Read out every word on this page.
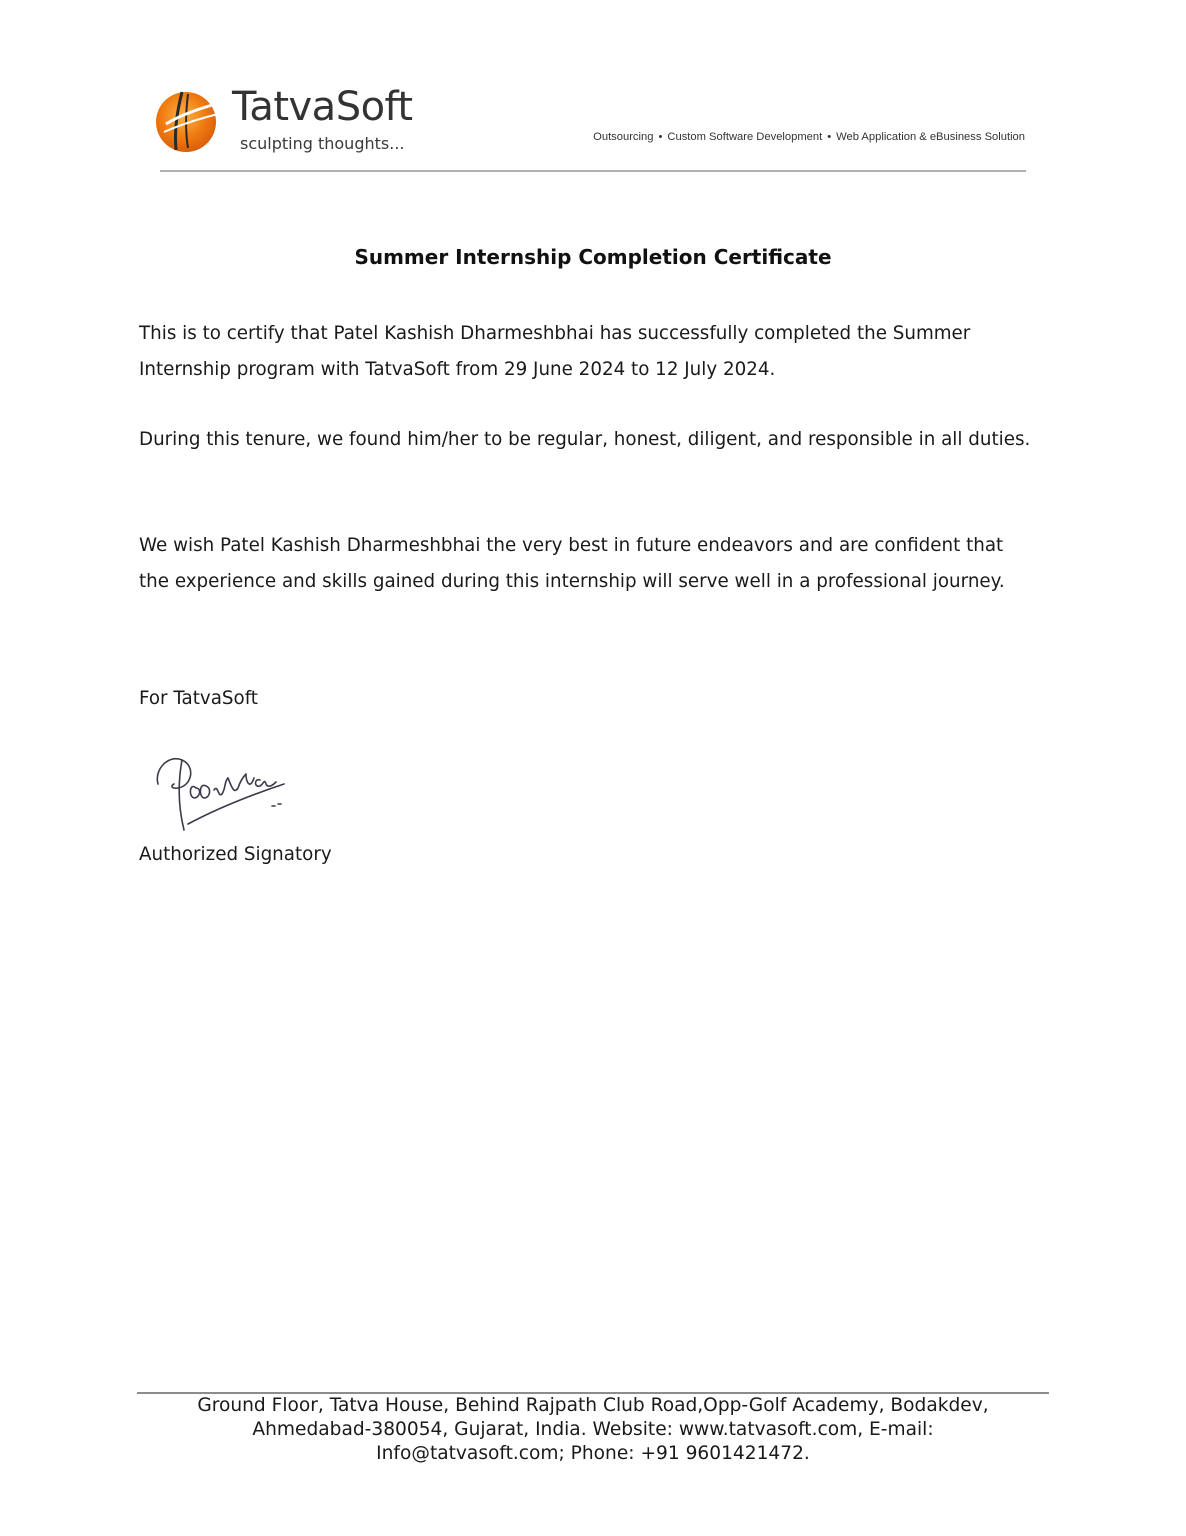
TatvaSoft
sculpting thoughts...	Outsourcing • Custom Software Development • Web Application & eBusiness Solution
Summer Internship Completion Certificate

This is to certify that Patel Kashish Dharmeshbhai has successfully completed the Summer Internship program with TatvaSoft from 29 June 2024 to 12 July 2024.

During this tenure, we found him/her to be regular, honest, diligent, and responsible in all duties.

We wish Patel Kashish Dharmeshbhai the very best in future endeavors and are confident that the experience and skills gained during this internship will serve well in a professional journey.

For TatvaSoft
Authorized Signatory
Ground Floor, Tatva House, Behind Rajpath Club Road,Opp-Golf Academy, Bodakdev,
Ahmedabad-380054, Gujarat, India. Website: www.tatvasoft.com, E-mail:
Info@tatvasoft.com; Phone: +91 9601421472.
